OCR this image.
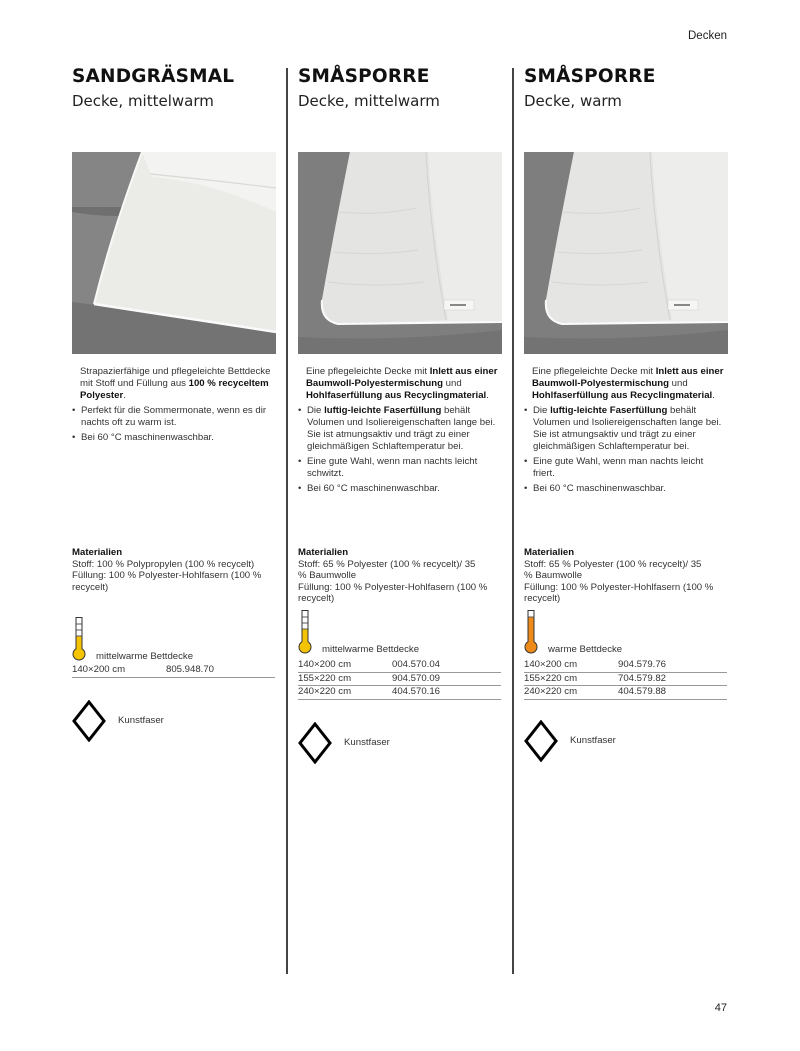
Decken
SANDGRÄSMAL
Decke, mittelwarm

Strapazierfähige und pflegeleichte Bettdecke mit Stoff und Füllung aus 100 % recyceltem Polyester.

• Perfekt für die Sommermonate, wenn es dir nachts oft zu warm ist.
• Bei 60 °C maschinenwaschbar.
Materialien
Stoff: 100 % Polypropylen (100 % recycelt)
Füllung: 100 % Polyester-Hohlfasern (100 % recycelt)
mittelwarme Bettdecke
140×200 cm	805.948.70
Kunstfaser
SMÅSPORRE
Decke, mittelwarm

Eine pflegeleichte Decke mit Inlett aus einer Baumwoll-Polyestermischung und Hohlfaserfüllung aus Recyclingmaterial.

• Die luftig-leichte Faserfüllung behält Volumen und Isoliereigenschaften lange bei. Sie ist atmungsaktiv und trägt zu einer gleichmäßigen Schlaftemperatur bei.
• Eine gute Wahl, wenn man nachts leicht schwitzt.
• Bei 60 °C maschinenwaschbar.
Materialien
Stoff: 65 % Polyester (100 % recycelt)/ 35 % Baumwolle
Füllung: 100 % Polyester-Hohlfasern (100 % recycelt)
mittelwarme Bettdecke
140×200 cm	004.570.04
155×220 cm	904.570.09
240×220 cm	404.570.16
Kunstfaser
SMÅSPORRE
Decke, warm

Eine pflegeleichte Decke mit Inlett aus einer Baumwoll-Polyestermischung und Hohlfaserfüllung aus Recyclingmaterial.

• Die luftig-leichte Faserfüllung behält Volumen und Isoliereigenschaften lange bei. Sie ist atmungsaktiv und trägt zu einer gleichmäßigen Schlaftemperatur bei.
• Eine gute Wahl, wenn man nachts leicht friert.
• Bei 60 °C maschinenwaschbar.
Materialien
Stoff: 65 % Polyester (100 % recycelt)/ 35 % Baumwolle
Füllung: 100 % Polyester-Hohlfasern (100 % recycelt)
warme Bettdecke
140×200 cm	904.579.76
155×220 cm	704.579.82
240×220 cm	404.579.88
Kunstfaser
47
